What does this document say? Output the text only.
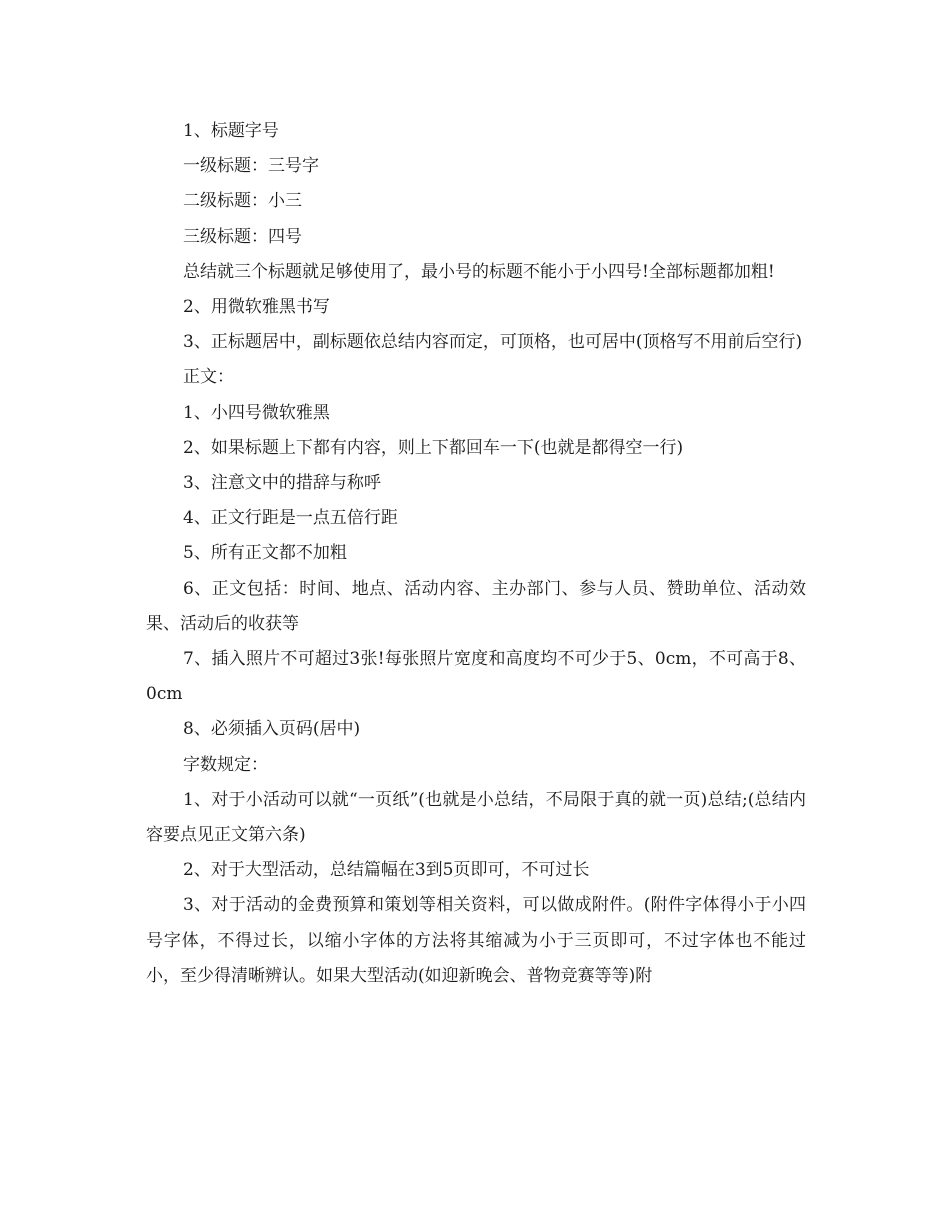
1、标题字号

一级标题：三号字

二级标题：小三

三级标题：四号

总结就三个标题就足够使用了，最小号的标题不能小于小四号!全部标题都加粗!

2、用微软雅黑书写

3、正标题居中，副标题依总结内容而定，可顶格，也可居中(顶格写不用前后空行)

正文：

1、小四号微软雅黑

2、如果标题上下都有内容，则上下都回车一下(也就是都得空一行)

3、注意文中的措辞与称呼

4、正文行距是一点五倍行距

5、所有正文都不加粗

6、正文包括：时间、地点、活动内容、主办部门、参与人员、赞助单位、活动效果、活动后的收获等

7、插入照片不可超过3张!每张照片宽度和高度均不可少于5、0cm，不可高于8、0cm

8、必须插入页码(居中)

字数规定：

1、对于小活动可以就“一页纸”(也就是小总结，不局限于真的就一页)总结;(总结内容要点见正文第六条)

2、对于大型活动，总结篇幅在3到5页即可，不可过长

3、对于活动的金费预算和策划等相关资料，可以做成附件。(附件字体得小于小四号字体，不得过长，以缩小字体的方法将其缩减为小于三页即可，不过字体也不能过小，至少得清晰辨认。如果大型活动(如迎新晚会、普物竞赛等等)附
